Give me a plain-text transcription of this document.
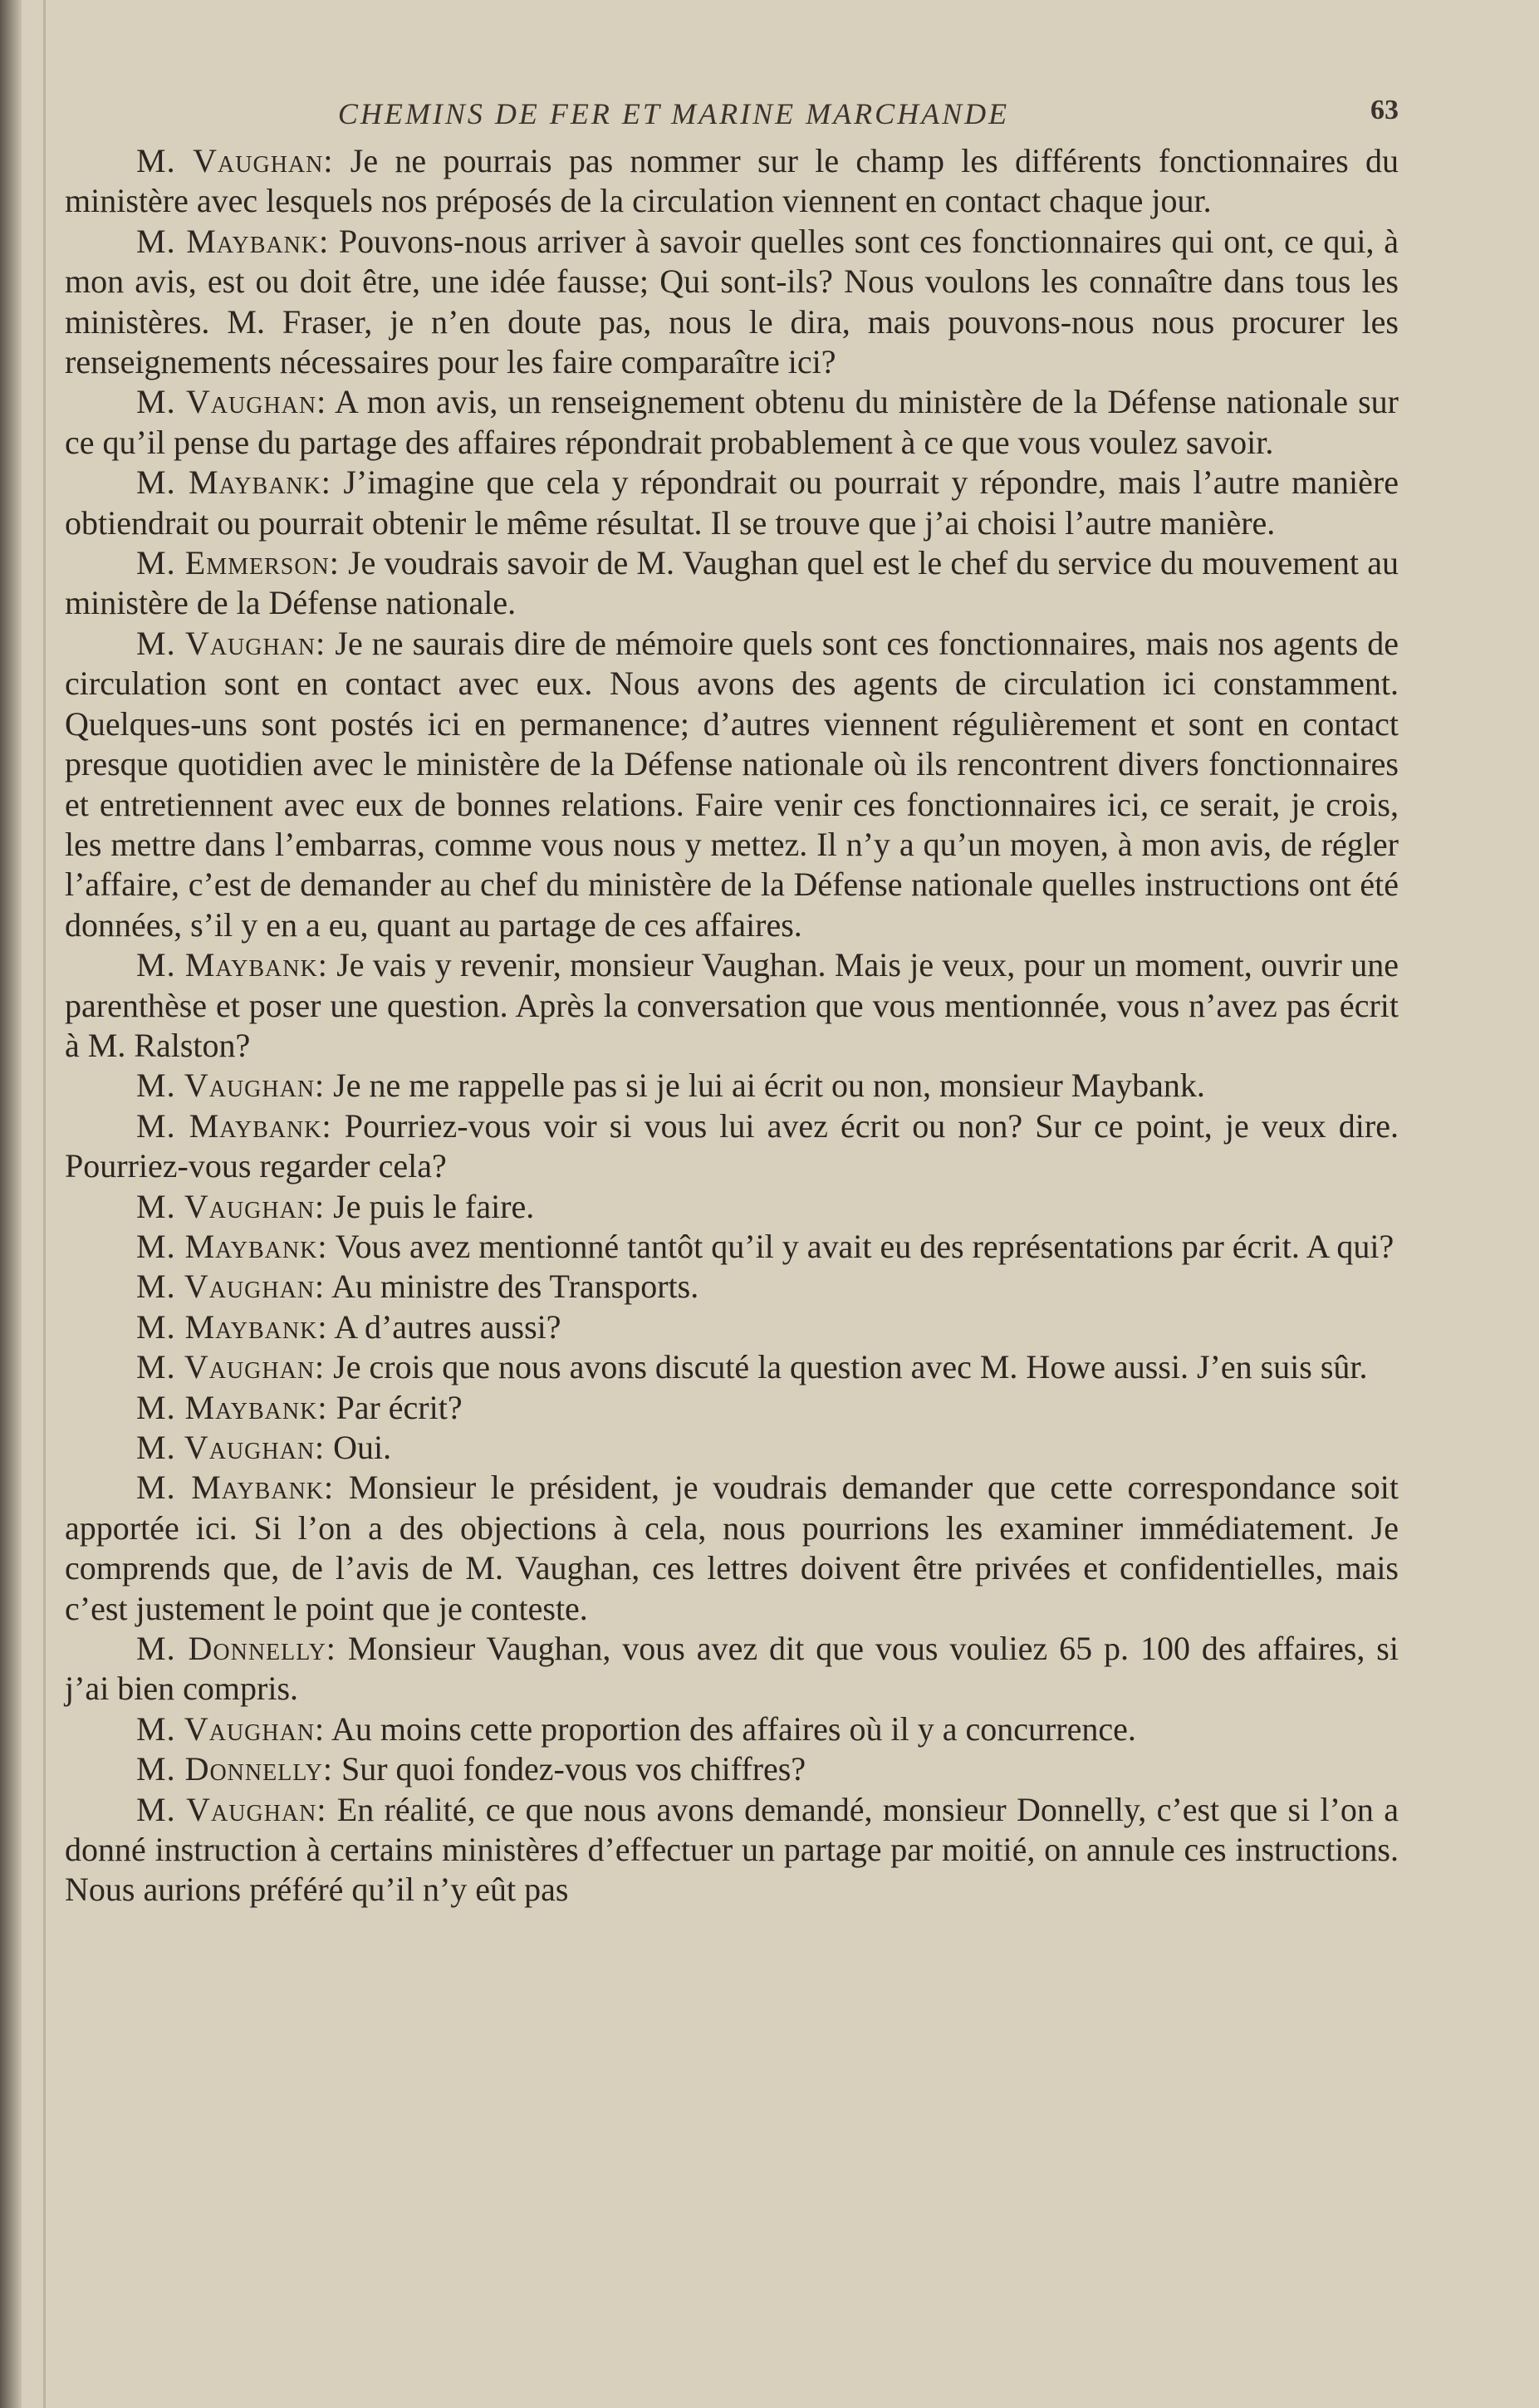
CHEMINS DE FER ET MARINE MARCHANDE	63

M. Vaughan: Je ne pourrais pas nommer sur le champ les différents fonctionnaires du ministère avec lesquels nos préposés de la circulation viennent en contact chaque jour.

M. Maybank: Pouvons-nous arriver à savoir quelles sont ces fonctionnaires qui ont, ce qui, à mon avis, est ou doit être, une idée fausse; Qui sont-ils? Nous voulons les connaître dans tous les ministères. M. Fraser, je n’en doute pas, nous le dira, mais pouvons-nous nous procurer les renseignements nécessaires pour les faire comparaître ici?

M. Vaughan: A mon avis, un renseignement obtenu du ministère de la Défense nationale sur ce qu’il pense du partage des affaires répondrait probablement à ce que vous voulez savoir.

M. Maybank: J’imagine que cela y répondrait ou pourrait y répondre, mais l’autre manière obtiendrait ou pourrait obtenir le même résultat. Il se trouve que j’ai choisi l’autre manière.

M. Emmerson: Je voudrais savoir de M. Vaughan quel est le chef du service du mouvement au ministère de la Défense nationale.

M. Vaughan: Je ne saurais dire de mémoire quels sont ces fonctionnaires, mais nos agents de circulation sont en contact avec eux. Nous avons des agents de circulation ici constamment. Quelques-uns sont postés ici en permanence; d’autres viennent régulièrement et sont en contact presque quotidien avec le ministère de la Défense nationale où ils rencontrent divers fonctionnaires et entretiennent avec eux de bonnes relations. Faire venir ces fonctionnaires ici, ce serait, je crois, les mettre dans l’embarras, comme vous nous y mettez. Il n’y a qu’un moyen, à mon avis, de régler l’affaire, c’est de demander au chef du ministère de la Défense nationale quelles instructions ont été données, s’il y en a eu, quant au partage de ces affaires.

M. Maybank: Je vais y revenir, monsieur Vaughan. Mais je veux, pour un moment, ouvrir une parenthèse et poser une question. Après la conversation que vous mentionnée, vous n’avez pas écrit à M. Ralston?

M. Vaughan: Je ne me rappelle pas si je lui ai écrit ou non, monsieur Maybank.

M. Maybank: Pourriez-vous voir si vous lui avez écrit ou non? Sur ce point, je veux dire. Pourriez-vous regarder cela?

M. Vaughan: Je puis le faire.

M. Maybank: Vous avez mentionné tantôt qu’il y avait eu des représentations par écrit. A qui?

M. Vaughan: Au ministre des Transports.

M. Maybank: A d’autres aussi?

M. Vaughan: Je crois que nous avons discuté la question avec M. Howe aussi. J’en suis sûr.

M. Maybank: Par écrit?

M. Vaughan: Oui.

M. Maybank: Monsieur le président, je voudrais demander que cette correspondance soit apportée ici. Si l’on a des objections à cela, nous pourrions les examiner immédiatement. Je comprends que, de l’avis de M. Vaughan, ces lettres doivent être privées et confidentielles, mais c’est justement le point que je conteste.

M. Donnelly: Monsieur Vaughan, vous avez dit que vous vouliez 65 p. 100 des affaires, si j’ai bien compris.

M. Vaughan: Au moins cette proportion des affaires où il y a concurrence.

M. Donnelly: Sur quoi fondez-vous vos chiffres?

M. Vaughan: En réalité, ce que nous avons demandé, monsieur Donnelly, c’est que si l’on a donné instruction à certains ministères d’effectuer un partage par moitié, on annule ces instructions. Nous aurions préféré qu’il n’y eût pas
